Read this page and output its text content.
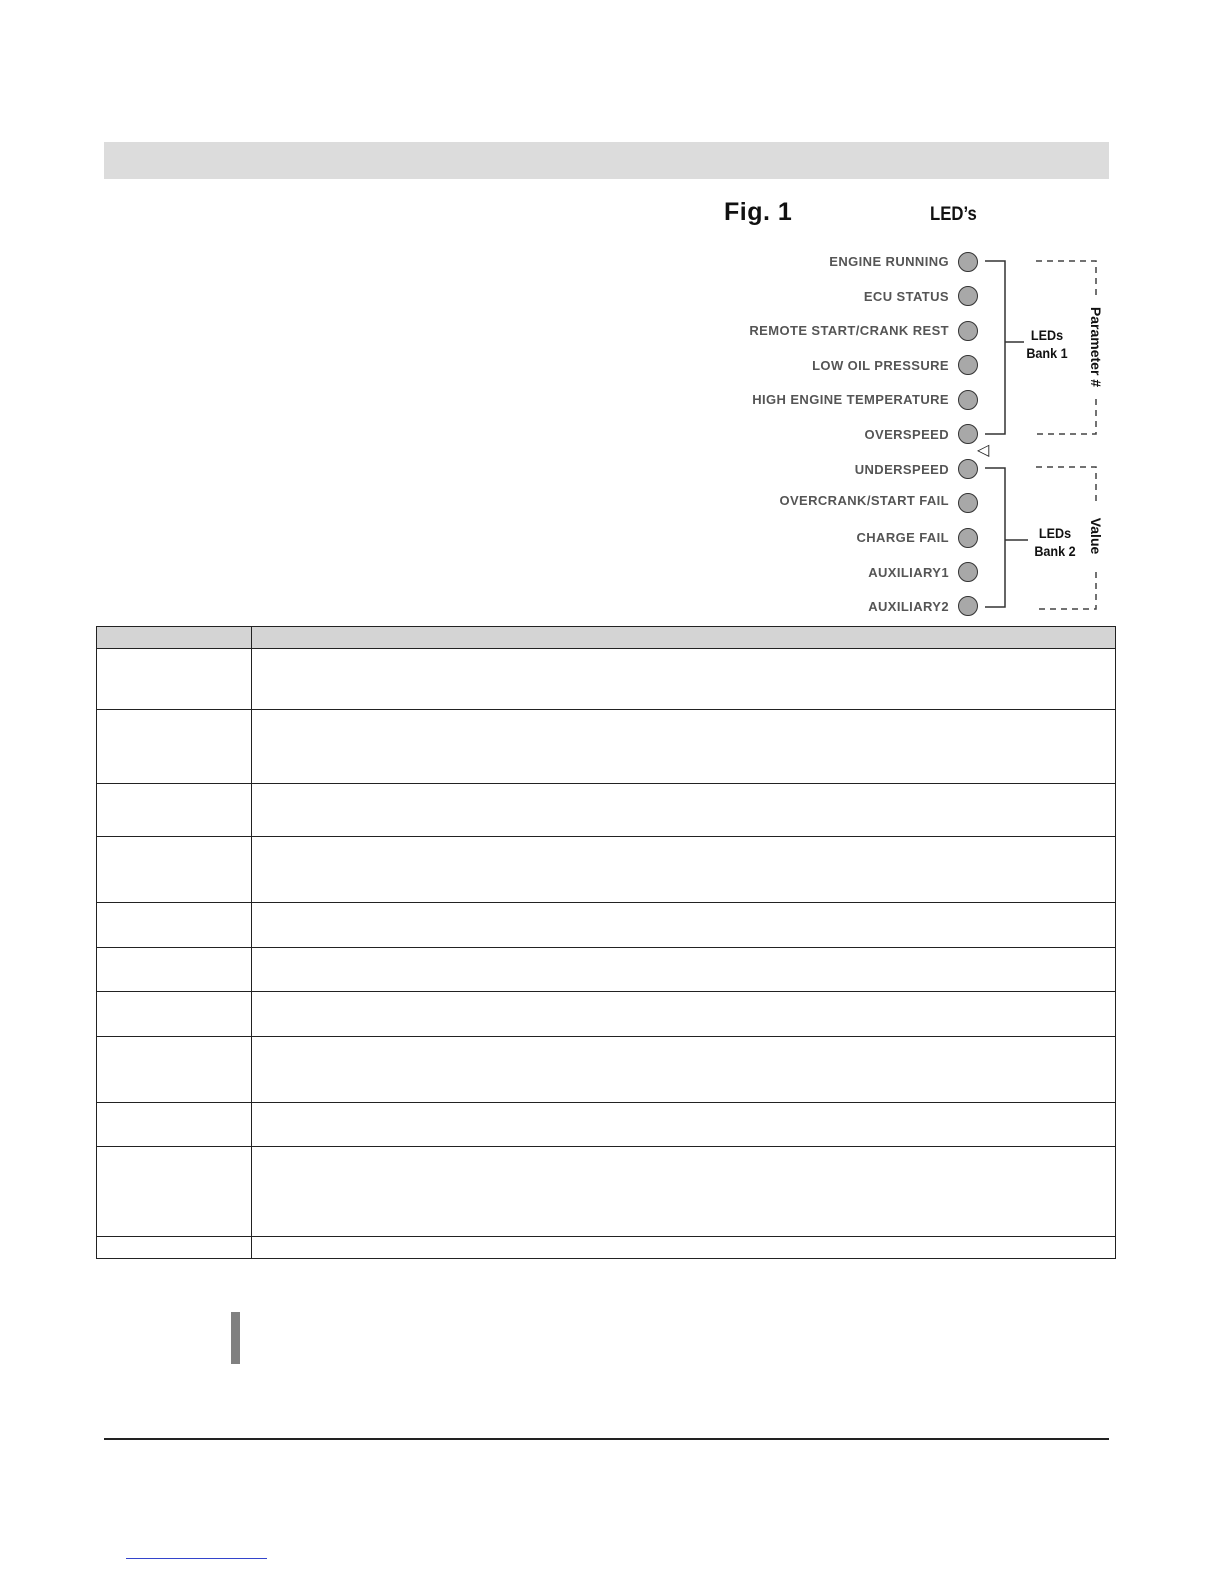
Fig. 1	LED’s
ENGINE RUNNING
ECU STATUS
REMOTE START/CRANK REST
LOW OIL PRESSURE
HIGH ENGINE TEMPERATURE
OVERSPEED
UNDERSPEED
OVERCRANK/START FAIL
CHARGE FAIL
AUXILIARY1
AUXILIARY2
◁
LEDs
Bank 1
LEDs
Bank 2
Parameter #
Value
